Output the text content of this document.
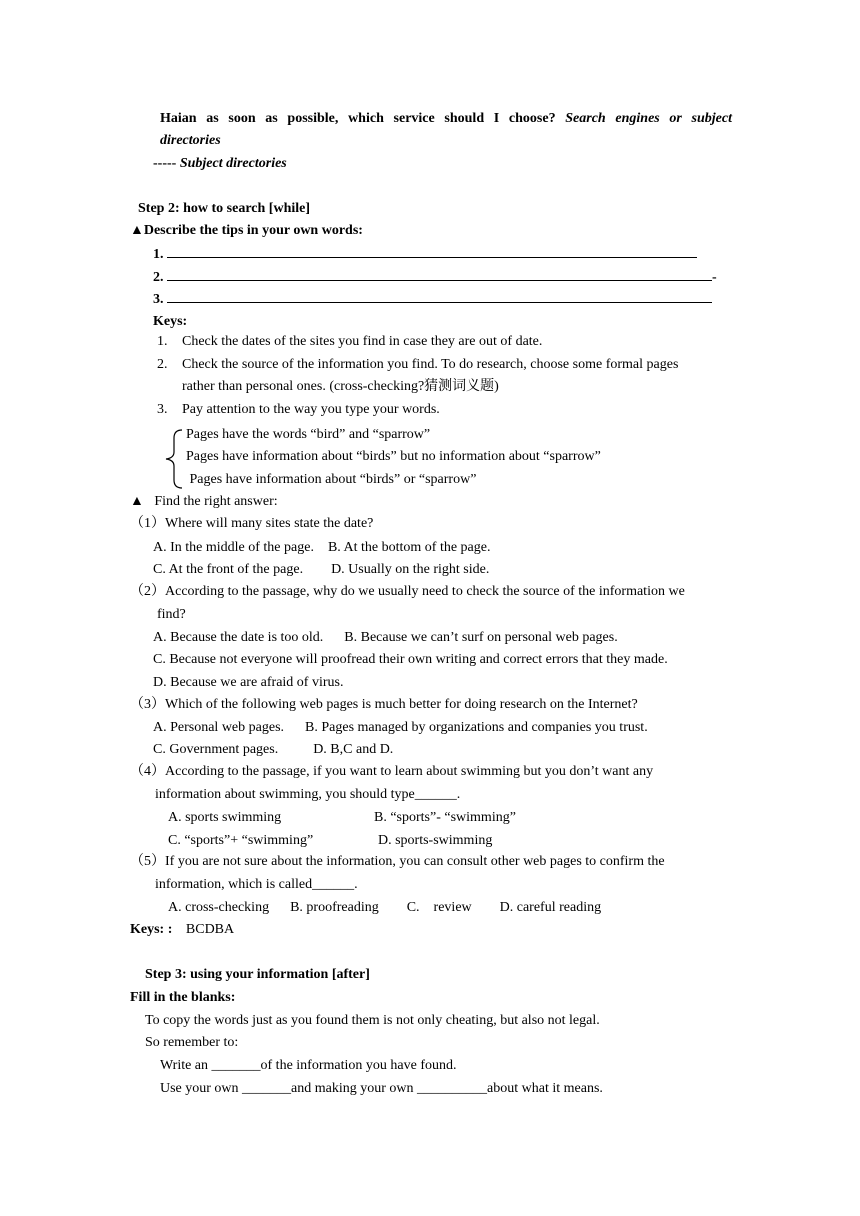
Haian as soon as possible, which service should I choose? Search engines or subject
directories
----- Subject directories
Step 2: how to search [while]
▲Describe the tips in your own words:
1.
2.	-
3.
Keys:
1. Check the dates of the sites you find in case they are out of date.
2. Check the source of the information you find. To do research, choose some formal pages
rather than personal ones. (cross-checking?猜测词义题)
3. Pay attention to the way you type your words.
Pages have the words “bird” and “sparrow”
Pages have information about “birds” but no information about “sparrow”
Pages have information about “birds” or “sparrow”
▲   Find the right answer:
（1）Where will many sites state the date?
A. In the middle of the page.    B. At the bottom of the page.
C. At the front of the page.        D. Usually on the right side.
（2）According to the passage, why do we usually need to check the source of the information we
find?
A. Because the date is too old.      B. Because we can’t surf on personal web pages.
C. Because not everyone will proofread their own writing and correct errors that they made.
D. Because we are afraid of virus.
（3）Which of the following web pages is much better for doing research on the Internet?
A. Personal web pages.      B. Pages managed by organizations and companies you trust.
C. Government pages.          D. B,C and D.
（4）According to the passage, if you want to learn about swimming but you don’t want any
information about swimming, you should type______.
A. sports swimming	B. “sports”- “swimming”
C. “sports”+ “swimming”	D. sports-swimming
（5）If you are not sure about the information, you can consult other web pages to confirm the
information, which is called______.
A. cross-checking      B. proofreading        C.    review        D. careful reading
Keys: : BCDBA
Step 3: using your information [after]
Fill in the blanks:
To copy the words just as you found them is not only cheating, but also not legal.
So remember to:
Write an _______of the information you have found.
Use your own _______and making your own __________about what it means.
